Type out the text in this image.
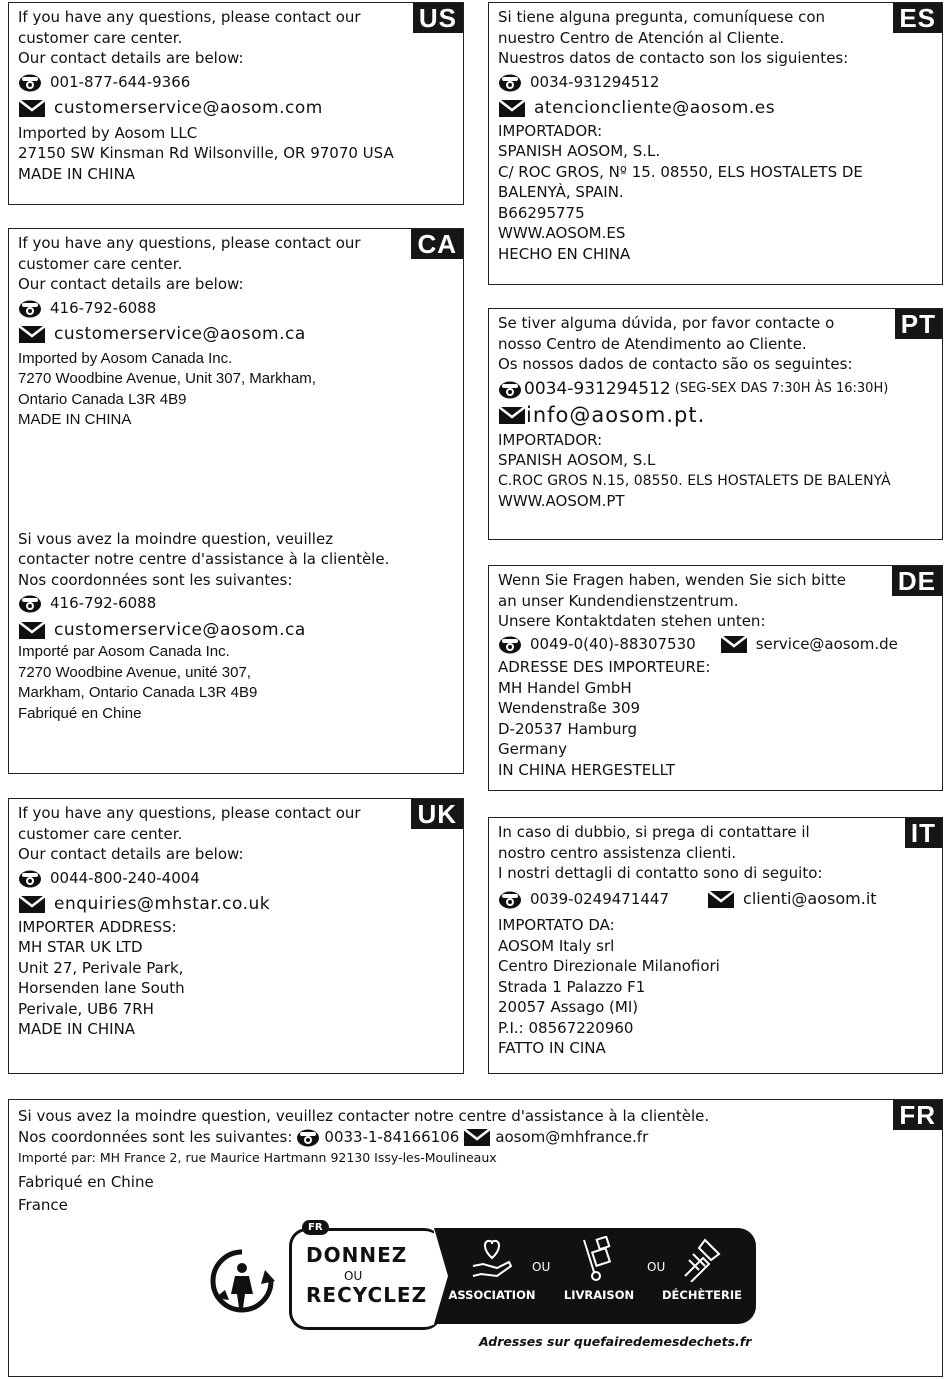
US
If you have any questions, please contact our
customer care center.
Our contact details are below:
001-877-644-9366
customerservice@aosom.com
Imported by Aosom LLC
27150 SW Kinsman Rd Wilsonville, OR 97070 USA
MADE IN CHINA
CA
If you have any questions, please contact our
customer care center.
Our contact details are below:
416-792-6088
customerservice@aosom.ca
Imported by Aosom Canada Inc.
7270 Woodbine Avenue, Unit 307, Markham,
Ontario Canada L3R 4B9
MADE IN CHINA
Si vous avez la moindre question, veuillez
contacter notre centre d'assistance à la clientèle.
Nos coordonnées sont les suivantes:
416-792-6088
customerservice@aosom.ca
Importé par Aosom Canada Inc.
7270 Woodbine Avenue, unité 307,
Markham, Ontario Canada L3R 4B9
Fabriqué en Chine
UK
If you have any questions, please contact our
customer care center.
Our contact details are below:
0044-800-240-4004
enquiries@mhstar.co.uk
IMPORTER ADDRESS:
MH STAR UK LTD
Unit 27, Perivale Park,
Horsenden lane South
Perivale, UB6 7RH
MADE IN CHINA
ES
Si tiene alguna pregunta, comuníquese con
nuestro Centro de Atención al Cliente.
Nuestros datos de contacto son los siguientes:
0034-931294512
atencioncliente@aosom.es
IMPORTADOR:
SPANISH AOSOM, S.L.
C/ ROC GROS, Nº 15. 08550, ELS HOSTALETS DE
BALENYÀ, SPAIN.
B66295775
WWW.AOSOM.ES
HECHO EN CHINA
PT
Se tiver alguma dúvida, por favor contacte o
nosso Centro de Atendimento ao Cliente.
Os nossos dados de contacto são os seguintes:
0034-931294512 (SEG-SEX DAS 7:30H ÀS 16:30H)
info@aosom.pt.
IMPORTADOR:
SPANISH AOSOM, S.L
C.ROC GROS N.15, 08550. ELS HOSTALETS DE BALENYÀ
WWW.AOSOM.PT
DE
Wenn Sie Fragen haben, wenden Sie sich bitte
an unser Kundendienstzentrum.
Unsere Kontaktdaten stehen unten:
0049-0(40)-88307530	service@aosom.de
ADRESSE DES IMPORTEURE:
MH Handel GmbH
Wendenstraße 309
D-20537 Hamburg
Germany
IN CHINA HERGESTELLT
IT
In caso di dubbio, si prega di contattare il
nostro centro assistenza clienti.
I nostri dettagli di contatto sono di seguito:
0039-0249471447	clienti@aosom.it
IMPORTATO DA:
AOSOM Italy srl
Centro Direzionale Milanofiori
Strada 1 Palazzo F1
20057 Assago (MI)
P.I.: 08567220960
FATTO IN CINA
FR
Si vous avez la moindre question, veuillez contacter notre centre d'assistance à la clientèle.
Nos coordonnées sont les suivantes: 0033-1-84166106 aosom@mhfrance.fr
Importé par: MH France 2, rue Maurice Hartmann 92130 Issy-les-Moulineaux
Fabriqué en Chine
France
FR
DONNEZ
OU
RECYCLEZ ASSOCIATION
OU
LIVRAISON
OU
DÉCHÈTERIE
Adresses sur quefairedemesdechets.fr
